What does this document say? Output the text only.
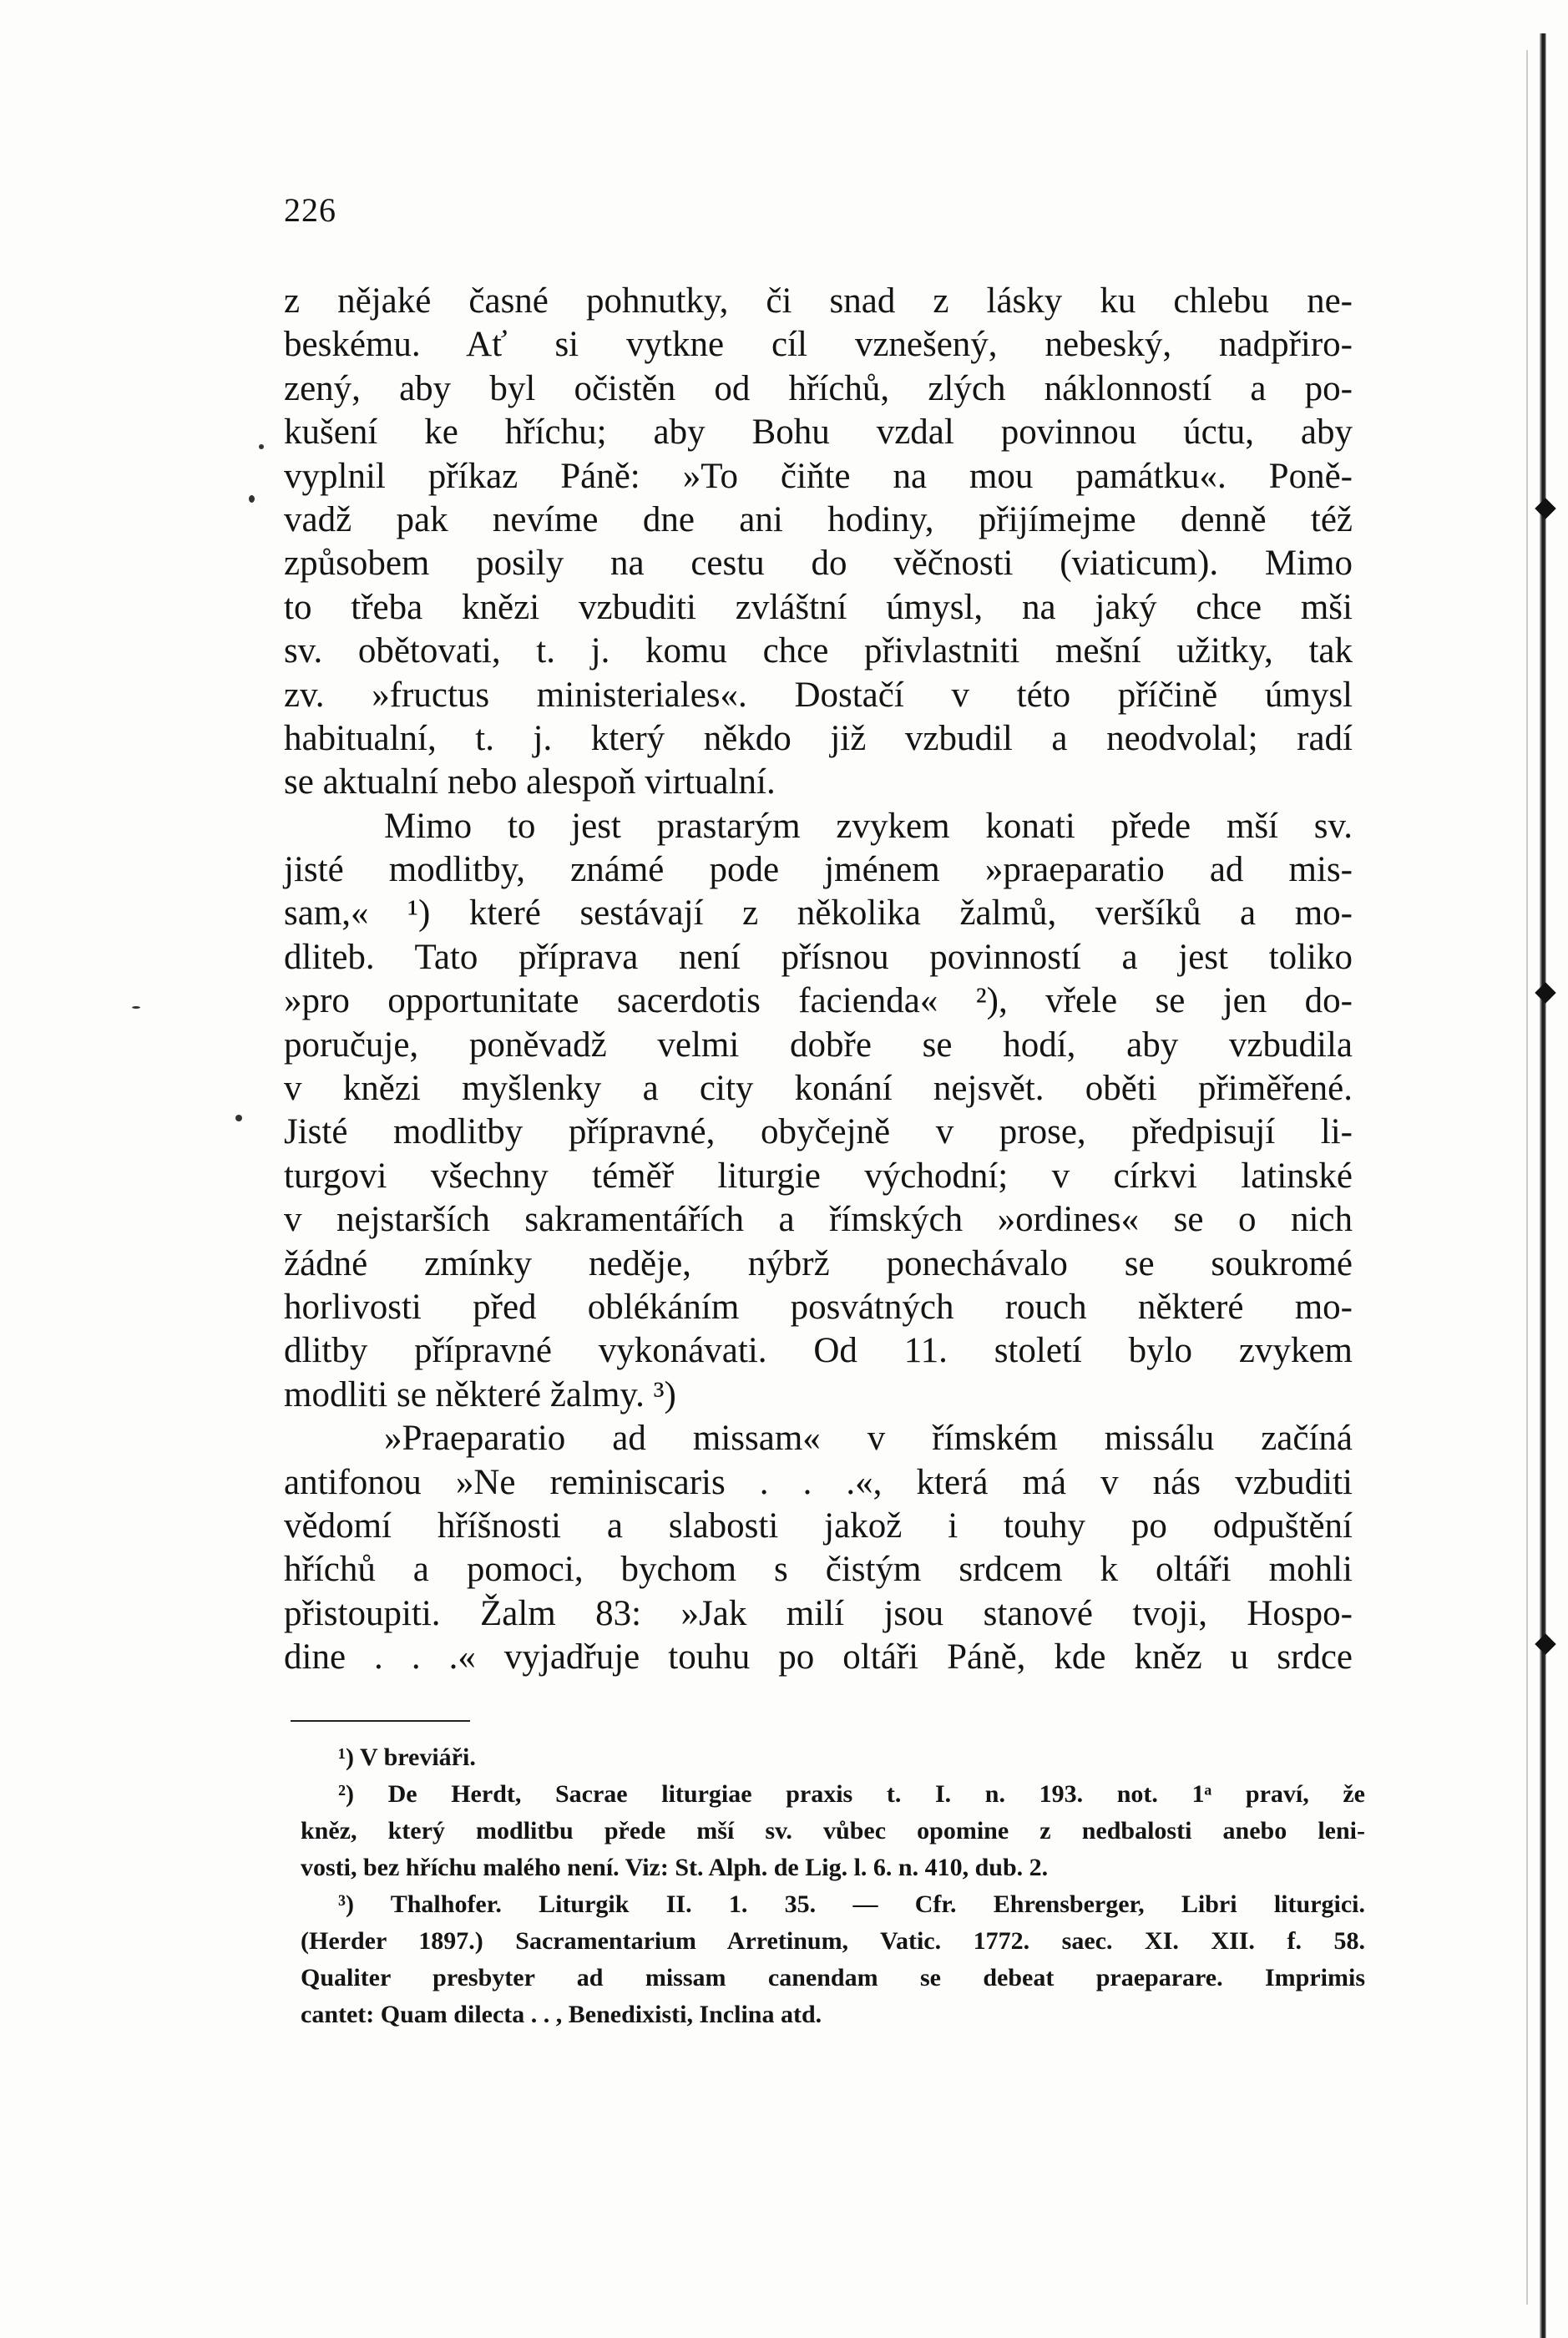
226
z nějaké časné pohnutky, či snad z lásky ku chlebu ne-
beskému. Ať si vytkne cíl vznešený, nebeský, nadpřiro-
zený, aby byl očistěn od hříchů, zlých náklonností a po-
kušení ke hříchu; aby Bohu vzdal povinnou úctu, aby
vyplnil příkaz Páně: »To čiňte na mou památku«. Poně-
vadž pak nevíme dne ani hodiny, přijímejme denně též
způsobem posily na cestu do věčnosti (viaticum). Mimo
to třeba knězi vzbuditi zvláštní úmysl, na jaký chce mši
sv. obětovati, t. j. komu chce přivlastniti mešní užitky, tak
zv. »fructus ministeriales«. Dostačí v této příčině úmysl
habitualní, t. j. který někdo již vzbudil a neodvolal; radí
se aktualní nebo alespoň virtualní.
Mimo to jest prastarým zvykem konati přede mší sv.
jisté modlitby, známé pode jménem »praeparatio ad mis-
sam,« ¹) které sestávají z několika žalmů, veršíků a mo-
dliteb. Tato příprava není přísnou povinností a jest toliko
»pro opportunitate sacerdotis facienda« ²), vřele se jen do-
poručuje, poněvadž velmi dobře se hodí, aby vzbudila
v knězi myšlenky a city konání nejsvět. oběti přiměřené.
Jisté modlitby přípravné, obyčejně v prose, předpisují li-
turgovi všechny téměř liturgie východní; v církvi latinské
v nejstarších sakramentářích a římských »ordines« se o nich
žádné zmínky neděje, nýbrž ponechávalo se soukromé
horlivosti před oblékáním posvátných rouch některé mo-
dlitby přípravné vykonávati. Od 11. století bylo zvykem
modliti se některé žalmy. ³)
»Praeparatio ad missam« v římském missálu začíná
antifonou »Ne reminiscaris . . .«, která má v nás vzbuditi
vědomí hříšnosti a slabosti jakož i touhy po odpuštění
hříchů a pomoci, bychom s čistým srdcem k oltáři mohli
přistoupiti. Žalm 83: »Jak milí jsou stanové tvoji, Hospo-
dine . . .« vyjadřuje touhu po oltáři Páně, kde kněz u srdce
¹) V breviáři.
²) De Herdt, Sacrae liturgiae praxis t. I. n. 193. not. 1ᵃ praví, že
kněz, který modlitbu přede mší sv. vůbec opomine z nedbalosti anebo leni-
vosti, bez hříchu malého není. Viz: St. Alph. de Lig. l. 6. n. 410, dub. 2.
³) Thalhofer. Liturgik II. 1. 35. — Cfr. Ehrensberger, Libri liturgici.
(Herder 1897.) Sacramentarium Arretinum, Vatic. 1772. saec. XI. XII. f. 58.
Qualiter presbyter ad missam canendam se debeat praeparare. Imprimis
cantet: Quam dilecta . . , Benedixisti, Inclina atd.
